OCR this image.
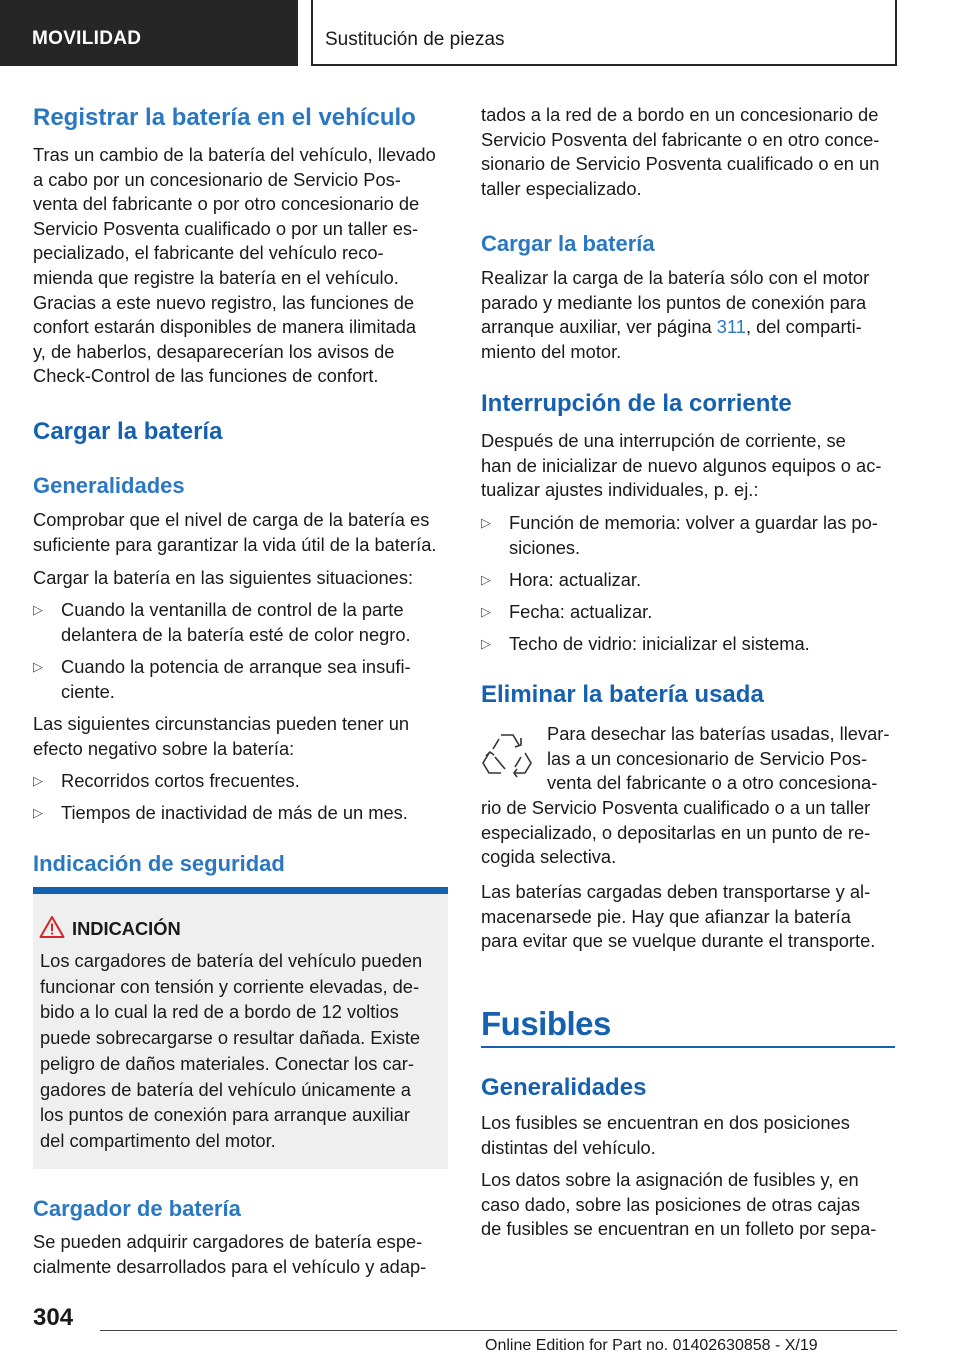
MOVILIDAD	Sustitución de piezas
Registrar la batería en el vehículo
Tras un cambio de la batería del vehículo, llevado
a cabo por un concesionario de Servicio Pos-
venta del fabricante o por otro concesionario de
Servicio Posventa cualificado o por un taller es-
pecializado, el fabricante del vehículo reco-
mienda que registre la batería en el vehículo.
Gracias a este nuevo registro, las funciones de
confort estarán disponibles de manera ilimitada
y, de haberlos, desaparecerían los avisos de
Check-Control de las funciones de confort.
Cargar la batería
Generalidades
Comprobar que el nivel de carga de la batería es
suficiente para garantizar la vida útil de la batería.
Cargar la batería en las siguientes situaciones:
▷ Cuando la ventanilla de control de la parte
delantera de la batería esté de color negro.
▷ Cuando la potencia de arranque sea insufi-
ciente.
Las siguientes circunstancias pueden tener un
efecto negativo sobre la batería:
▷ Recorridos cortos frecuentes.
▷ Tiempos de inactividad de más de un mes.
Indicación de seguridad
Cargador de batería
Se pueden adquirir cargadores de batería espe-
cialmente desarrollados para el vehículo y adap-
INDICACIÓN
Los cargadores de batería del vehículo pueden
funcionar con tensión y corriente elevadas, de-
bido a lo cual la red de a bordo de 12 voltios
puede sobrecargarse o resultar dañada. Existe
peligro de daños materiales. Conectar los car-
gadores de batería del vehículo únicamente a
los puntos de conexión para arranque auxiliar
del compartimento del motor.
tados a la red de a bordo en un concesionario de
Servicio Posventa del fabricante o en otro conce-
sionario de Servicio Posventa cualificado o en un
taller especializado.
Cargar la batería
Realizar la carga de la batería sólo con el motor
parado y mediante los puntos de conexión para
arranque auxiliar, ver página 311, del comparti-
miento del motor.
Interrupción de la corriente
Después de una interrupción de corriente, se
han de inicializar de nuevo algunos equipos o ac-
tualizar ajustes individuales, p. ej.:
▷ Función de memoria: volver a guardar las po-
siciones.
▷ Hora: actualizar.
▷ Fecha: actualizar.
▷ Techo de vidrio: inicializar el sistema.
Eliminar la batería usada
Para desechar las baterías usadas, llevar-
las a un concesionario de Servicio Pos-
venta del fabricante o a otro concesiona-
rio de Servicio Posventa cualificado o a un taller
especializado, o depositarlas en un punto de re-
cogida selectiva.
Las baterías cargadas deben transportarse y al-
macenarsede pie. Hay que afianzar la batería
para evitar que se vuelque durante el transporte.
Fusibles
Generalidades
Los fusibles se encuentran en dos posiciones
distintas del vehículo.
Los datos sobre la asignación de fusibles y, en
caso dado, sobre las posiciones de otras cajas
de fusibles se encuentran en un folleto por sepa-
304
Online Edition for Part no. 01402630858 - X/19
